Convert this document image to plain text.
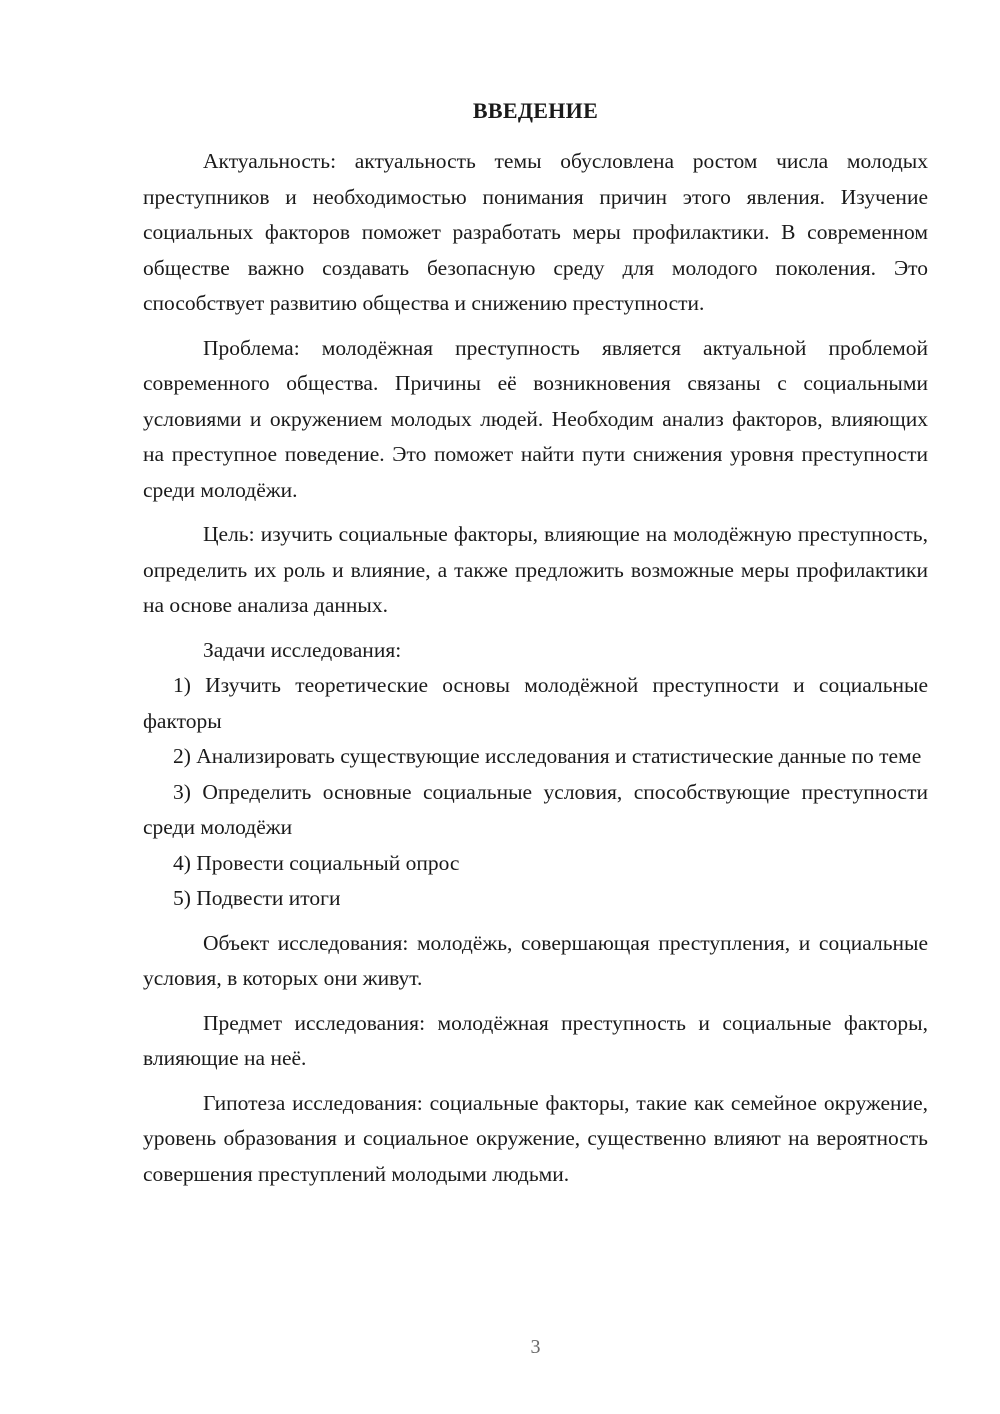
ВВЕДЕНИЕ

Актуальность: актуальность темы обусловлена ростом числа молодых преступников и необходимостью понимания причин этого явления. Изучение социальных факторов поможет разработать меры профилактики. В современном обществе важно создавать безопасную среду для молодого поколения. Это способствует развитию общества и снижению преступности.

Проблема: молодёжная преступность является актуальной проблемой современного общества. Причины её возникновения связаны с социальными условиями и окружением молодых людей. Необходим анализ факторов, влияющих на преступное поведение. Это поможет найти пути снижения уровня преступности среди молодёжи.

Цель: изучить социальные факторы, влияющие на молодёжную преступность, определить их роль и влияние, а также предложить возможные меры профилактики на основе анализа данных.

Задачи исследования:

1) Изучить теоретические основы молодёжной преступности и социальные факторы

2) Анализировать существующие исследования и статистические данные по теме

3) Определить основные социальные условия, способствующие преступности среди молодёжи

4) Провести социальный опрос

5) Подвести итоги

Объект исследования: молодёжь, совершающая преступления, и социальные условия, в которых они живут.

Предмет исследования: молодёжная преступность и социальные факторы, влияющие на неё.

Гипотеза исследования: социальные факторы, такие как семейное окружение, уровень образования и социальное окружение, существенно влияют на вероятность совершения преступлений молодыми людьми.

3
